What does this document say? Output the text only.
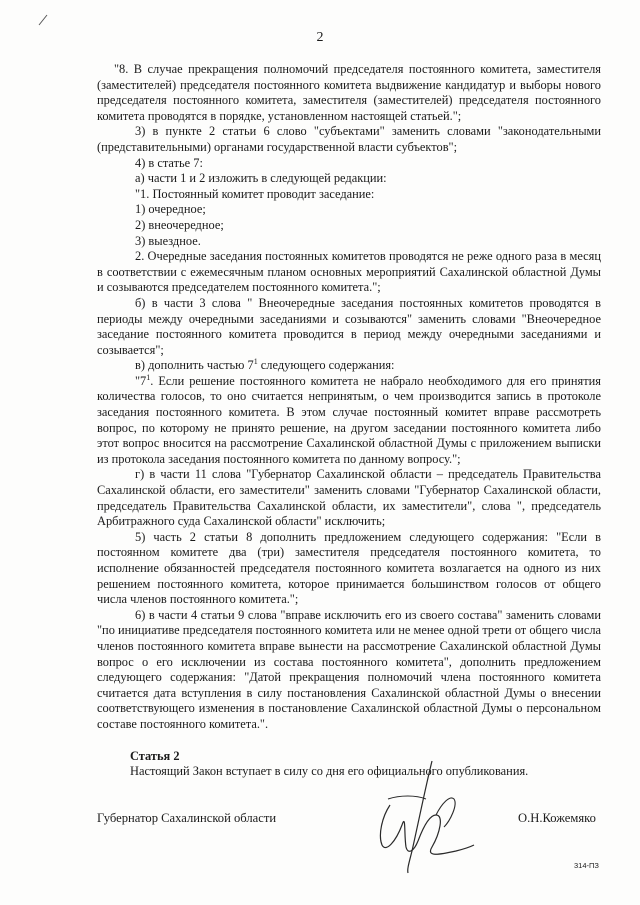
2

"8. В случае прекращения полномочий председателя постоянного комитета, заместителя (заместителей) председателя постоянного комитета выдвижение кандидатур и выборы нового председателя постоянного комитета, заместителя (заместителей) председателя постоянного комитета проводятся в порядке, установленном настоящей статьей.";

3) в пункте 2 статьи 6 слово "субъектами" заменить словами "законодательными (представительными) органами государственной власти субъектов";

4) в статье 7:

а) части 1 и 2 изложить в следующей редакции:

"1. Постоянный комитет проводит заседание:

1) очередное;

2) внеочередное;

3) выездное.

2. Очередные заседания постоянных комитетов проводятся не реже одного раза в месяц в соответствии с ежемесячным планом основных мероприятий Сахалинской областной Думы и созываются председателем постоянного комитета.";

б) в части 3 слова " Внеочередные заседания постоянных комитетов проводятся в периоды между очередными заседаниями и созываются" заменить словами "Внеочередное заседание постоянного комитета проводится в период между очередными заседаниями и созывается";

в) дополнить частью $7^1$ следующего содержания:

"$7^1$. Если решение постоянного комитета не набрало необходимого для его принятия количества голосов, то оно считается непринятым, о чем производится запись в протоколе заседания постоянного комитета. В этом случае постоянный комитет вправе рассмотреть вопрос, по которому не принято решение, на другом заседании постоянного комитета либо этот вопрос вносится на рассмотрение Сахалинской областной Думы с приложением выписки из протокола заседания постоянного комитета по данному вопросу.";

г) в части 11 слова "Губернатор Сахалинской области – председатель Правительства Сахалинской области, его заместители" заменить словами "Губернатор Сахалинской области, председатель Правительства Сахалинской области, их заместители", слова ", председатель Арбитражного суда Сахалинской области" исключить;

5) часть 2 статьи 8 дополнить предложением следующего содержания: "Если в постоянном комитете два (три) заместителя председателя постоянного комитета, то исполнение обязанностей председателя постоянного комитета возлагается на одного из них решением постоянного комитета, которое принимается большинством голосов от общего числа членов постоянного комитета.";

6) в части 4 статьи 9 слова "вправе исключить его из своего состава" заменить словами "по инициативе председателя постоянного комитета или не менее одной трети от общего числа членов постоянного комитета вправе вынести на рассмотрение Сахалинской областной Думы вопрос о его исключении из состава постоянного комитета", дополнить предложением следующего содержания: "Датой прекращения полномочий члена постоянного комитета считается дата вступления в силу постановления Сахалинской областной Думы о внесении соответствующего изменения в постановление Сахалинской областной Думы о персональном составе постоянного комитета.".

Статья 2

Настоящий Закон вступает в силу со дня его официального опубликования.

Губернатор Сахалинской области	О.Н.Кожемяко
314-ПЗ
